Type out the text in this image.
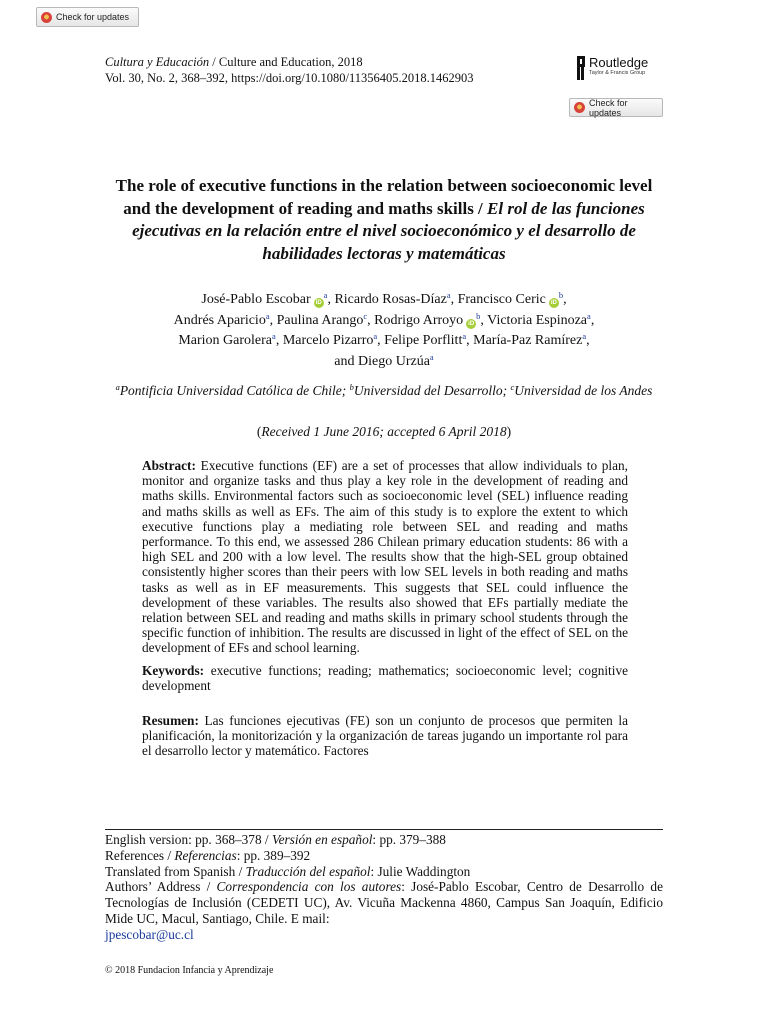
Check for updates
Cultura y Educación / Culture and Education, 2018
Vol. 30, No. 2, 368–392, https://doi.org/10.1080/11356405.2018.1462903
Routledge
Taylor & Francis Group
Check for updates
The role of executive functions in the relation between socioeconomic level and the development of reading and maths skills / El rol de las funciones ejecutivas en la relación entre el nivel socioeconómico y el desarrollo de habilidades lectoras y matemáticas
José-Pablo Escobar iD$^a$, Ricardo Rosas-Díaz$^a$, Francisco Ceric iD$^b$,
Andrés Aparicio$^a$, Paulina Arango$^c$, Rodrigo Arroyo iD$^b$, Victoria Espinoza$^a$,
Marion Garolera$^a$, Marcelo Pizarro$^a$, Felipe Porflitt$^a$, María-Paz Ramírez$^a$,
and Diego Urzúa$^a$
$^a$Pontificia Universidad Católica de Chile; $^b$Universidad del Desarrollo; $^c$Universidad de los Andes
(Received 1 June 2016; accepted 6 April 2018)

Abstract: Executive functions (EF) are a set of processes that allow individuals to plan, monitor and organize tasks and thus play a key role in the development of reading and maths skills. Environmental factors such as socioeconomic level (SEL) influence reading and maths skills as well as EFs. The aim of this study is to explore the extent to which executive functions play a mediating role between SEL and reading and maths performance. To this end, we assessed 286 Chilean primary education students: 86 with a high SEL and 200 with a low level. The results show that the high-SEL group obtained consistently higher scores than their peers with low SEL levels in both reading and maths tasks as well as in EF measurements. This suggests that SEL could influence the development of these variables. The results also showed that EFs partially mediate the relation between SEL and reading and maths skills in primary school students through the specific function of inhibition. The results are discussed in light of the effect of SEL on the development of EFs and school learning.

Keywords: executive functions; reading; mathematics; socioeconomic level; cognitive development

Resumen: Las funciones ejecutivas (FE) son un conjunto de procesos que permiten la planificación, la monitorización y la organización de tareas jugando un importante rol para el desarrollo lector y matemático. Factores

English version: pp. 368–378 / Versión en español: pp. 379–388
References / Referencias: pp. 389–392
Translated from Spanish / Traducción del español: Julie Waddington
Authors’ Address / Correspondencia con los autores: José-Pablo Escobar, Centro de Desarrollo de Tecnologías de Inclusión (CEDETI UC), Av. Vicuña Mackenna 4860, Campus San Joaquín, Edificio Mide UC, Macul, Santiago, Chile. E mail:
jpescobar@uc.cl
© 2018 Fundacion Infancia y Aprendizaje
